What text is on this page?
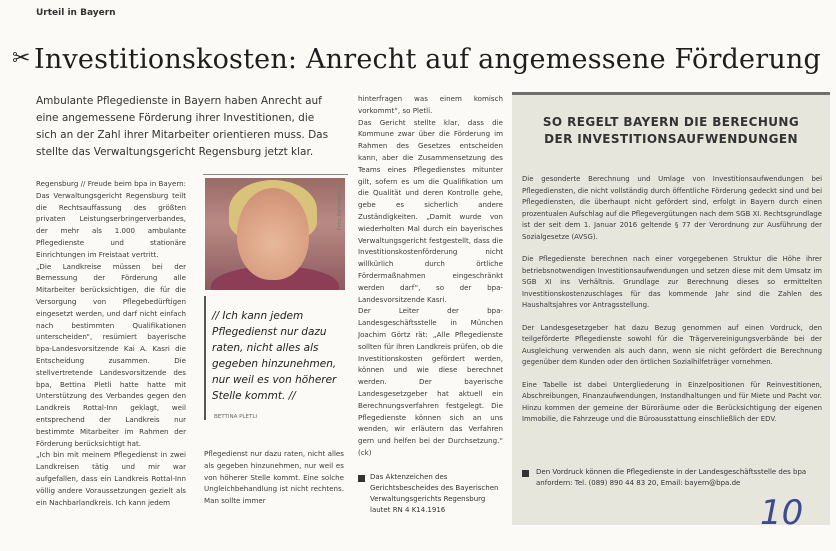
Urteil in Bayern
✂ Investitionskosten: Anrecht auf angemessene Förderung
Ambulante Pflegedienste in Bayern haben Anrecht auf eine angemessene Förderung ihrer Investitionen, die sich an der Zahl ihrer Mitarbeiter orientieren muss. Das stellte das Verwaltungsgericht Regensburg jetzt klar.

Regensburg // Freude beim bpa in Bayern: Das Verwaltungsgericht Regensburg teilt die Rechtsauffassung des größten privaten Leistungserbringerverbandes, der mehr als 1.000 ambulante Pflegedienste und stationäre Einrichtungen im Freistaat vertritt.

„Die Landkreise müssen bei der Bemessung der Förderung alle Mitarbeiter berücksichtigen, die für die Versorgung von Pflegebedürftigen eingesetzt werden, und darf nicht einfach nach bestimmten Qualifikationen unterscheiden“, resümiert bayerische bpa-Landesvorsitzende Kai A. Kasri die Entscheidung zusammen. Die stellvertretende Landesvorsitzende des bpa, Bettina Pletli hatte hatte mit Unterstützung des Verbandes gegen den Landkreis Rottal-Inn geklagt, weil entsprechend der Landkreis nur bestimmte Mitarbeiter im Rahmen der Förderung berücksichtigt hat.

„Ich bin mit meinem Pflegedienst in zwei Landkreisen tätig und mir war aufgefallen, dass ein Landkreis Rottal-Inn völlig andere Voraussetzungen gezielt als ein Nachbarlandkreis. Ich kann jedem

Foto: Kemmerer

// Ich kann jedem Pflegedienst nur dazu raten, nicht alles als gegeben hinzunehmen, nur weil es von höherer Stelle kommt. //

BETTINA PLETLI

Pflegedienst nur dazu raten, nicht alles als gegeben hinzunehmen, nur weil es von höherer Stelle kommt. Eine solche Ungleichbehandlung ist nicht rechtens. Man sollte immer

hinterfragen was einem komisch vorkommt“, so Pletli.

Das Gericht stellte klar, dass die Kommune zwar über die Förderung im Rahmen des Gesetzes entscheiden kann, aber die Zusammensetzung des Teams eines Pflegedienstes mitunter gilt, sofern es um die Qualifikation um die Qualität und deren Kontrolle gehe, gebe es sicherlich andere Zuständigkeiten. „Damit wurde von wiederholten Mal durch ein bayerisches Verwaltungsgericht festgestellt, dass die Investitionskostenförderung nicht willkürlich durch örtliche Fördermaßnahmen eingeschränkt werden darf“, so der bpa-Landesvorsitzende Kasri.

Der Leiter der bpa-Landesgeschäftsstelle in München Joachim Görtz rät: „Alle Pflegedienste sollten für ihren Landkreis prüfen, ob die Investitionskosten gefördert werden, können und wie diese berechnet werden. Der bayerische Landesgesetzgeber hat aktuell ein Berechnungsverfahren festgelegt. Die Pflegedienste können sich an uns wenden, wir erläutern das Verfahren gern und helfen bei der Durchsetzung.“ (ck)

Das Aktenzeichen des Gerichtsbescheides des Bayerischen Verwaltungsgerichts Regensburg lautet RN 4 K14.1916
SO REGELT BAYERN DIE BERECHUNG
DER INVESTITIONSAUFWENDUNGEN

Die gesonderte Berechnung und Umlage von Investitionsaufwendungen bei Pflegediensten, die nicht vollständig durch öffentliche Förderung gedeckt sind und bei Pflegediensten, die überhaupt nicht gefördert sind, erfolgt in Bayern durch einen prozentualen Aufschlag auf die Pflegevergütungen nach dem SGB XI. Rechtsgrundlage ist der seit dem 1. Januar 2016 geltende § 77 der Verordnung zur Ausführung der Sozialgesetze (AVSG).

Die Pflegedienste berechnen nach einer vorgegebenen Struktur die Höhe ihrer betriebsnotwendigen Investitionsaufwendungen und setzen diese mit dem Umsatz im SGB XI ins Verhältnis. Grundlage zur Berechnung dieses so ermittelten Investitionskostenzuschlages für das kommende Jahr sind die Zahlen des Haushaltsjahres vor Antragsstellung.

Der Landesgesetzgeber hat dazu Bezug genommen auf einen Vordruck, den teilgeförderte Pflegedienste sowohl für die Trägervereinigungsverbände bei der Ausgleichung verwenden als auch dann, wenn sie nicht gefördert die Berechnung gegenüber dem Kunden oder den örtlichen Sozialhilfeträger vornehmen.

Eine Tabelle ist dabei Untergliederung in Einzelpositionen für Reinvestitionen, Abschreibungen, Finanzaufwendungen, Instandhaltungen und für Miete und Pacht vor. Hinzu kommen der gemeine der Büroräume oder die Berücksichtigung der eigenen Immobilie, die Fahrzeuge und die Büroausstattung einschließlich der EDV.

Den Vordruck können die Pflegedienste in der Landesgeschäftsstelle des bpa anfordern: Tel. (089) 890 44 83 20, Email: bayern@bpa.de
10
